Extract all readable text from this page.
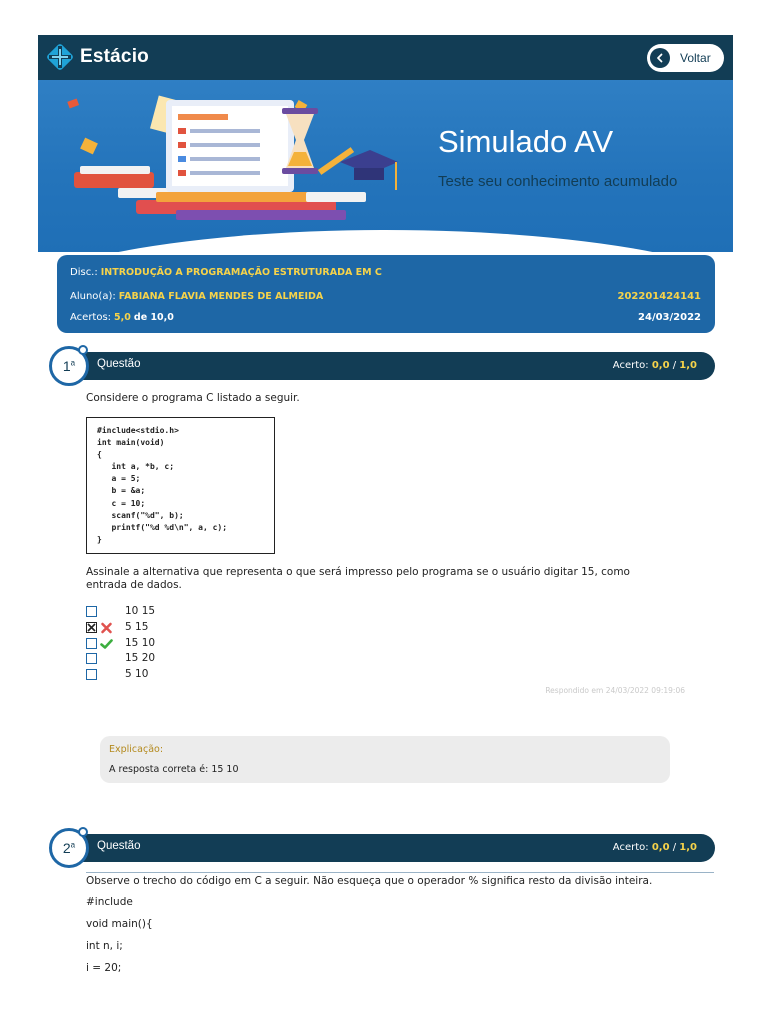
Estácio	Voltar
Simulado AV
Teste seu conhecimento acumulado
Disc.: INTRODUÇÃO A PROGRAMAÇÃO ESTRUTURADA EM C
Aluno(a): FABIANA FLAVIA MENDES DE ALMEIDA	202201424141
Acertos: 5,0 de 10,0	24/03/2022
1$^a$ Questão	Acerto: 0,0 / 1,0
Considere o programa C listado a seguir.
#include<stdio.h>
int main(void)
{
int a, *b, c;
a = 5;
b = &a;
c = 10;
scanf("%d", b);
printf("%d %d\n", a, c);
}
Assinale a alternativa que representa o que será impresso pelo programa se o usuário digitar 15, como
entrada de dados.
10 15
5 15
15 10
15 20
5 10
Respondido em 24/03/2022 09:19:06
Explicação:
A resposta correta é: 15 10
2$^a$ Questão	Acerto: 0,0 / 1,0
Observe o trecho do código em C a seguir. Não esqueça que o operador % significa resto da divisão inteira.
#include
void main(){
int n, i;
i = 20;
